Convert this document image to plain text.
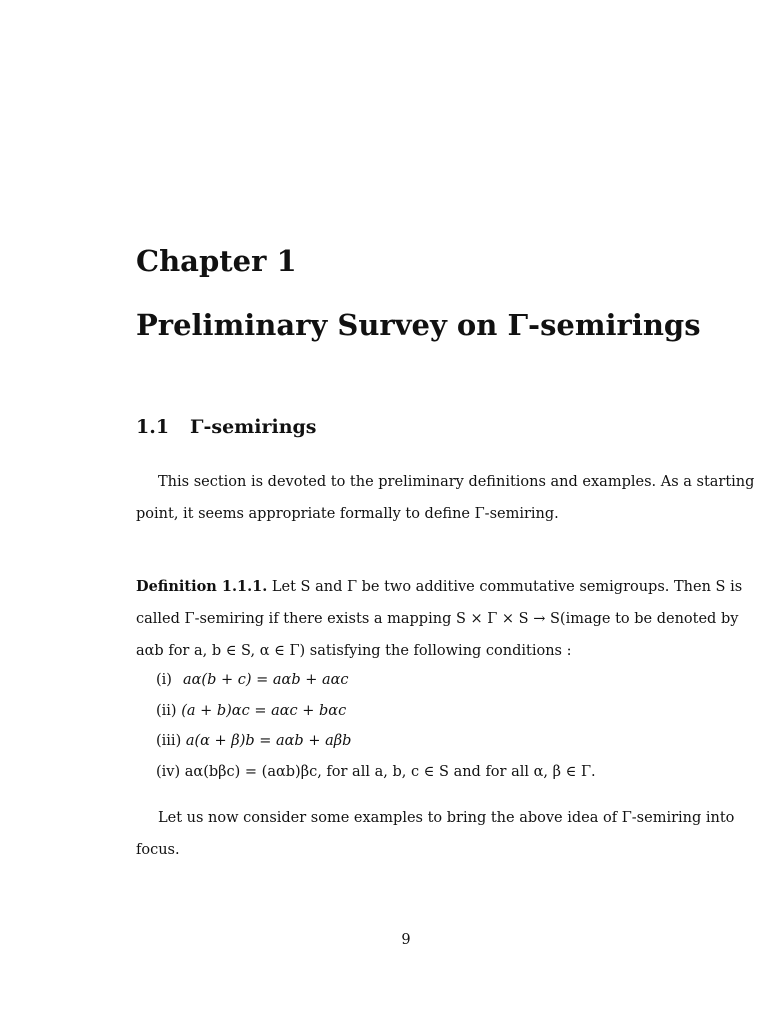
Chapter 1
Preliminary Survey on Γ-semirings
1.1 Γ-semirings

This section is devoted to the preliminary definitions and examples. As a starting
point, it seems appropriate formally to define Γ-semiring.

Definition 1.1.1. Let S and Γ be two additive commutative semigroups. Then S is
called Γ-semiring if there exists a mapping S × Γ × S → S(image to be denoted by
aαb for a, b ∈ S, α ∈ Γ) satisfying the following conditions :

(i) aα(b + c) = aαb + aαc
(ii) (a + b)αc = aαc + bαc
(iii) a(α + β)b = aαb + aβb
(iv) aα(bβc) = (aαb)βc, for all a, b, c ∈ S and for all α, β ∈ Γ.

Let us now consider some examples to bring the above idea of Γ-semiring into
focus.

9
